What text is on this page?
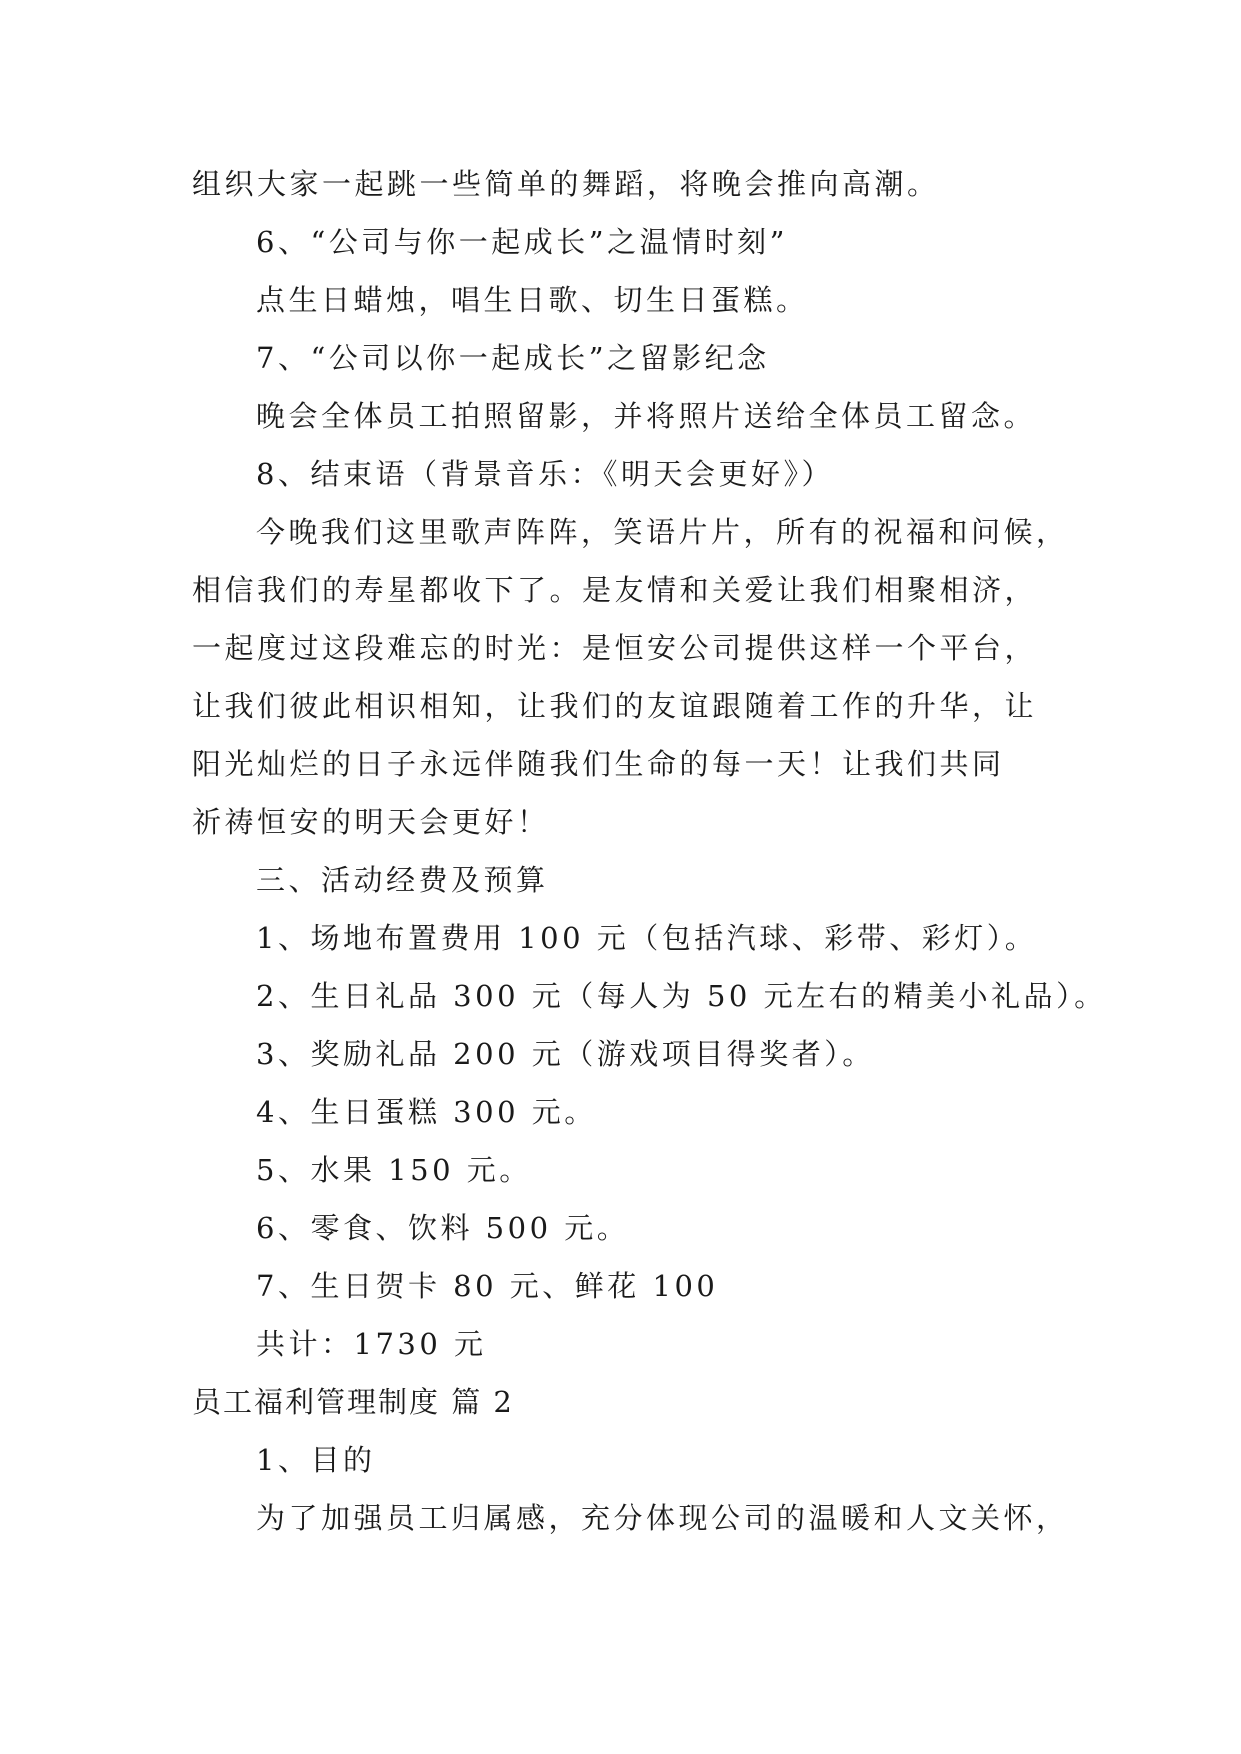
组织大家一起跳一些简单的舞蹈，将晚会推向高潮。
6、“公司与你一起成长”之温情时刻”
点生日蜡烛，唱生日歌、切生日蛋糕。
7、“公司以你一起成长”之留影纪念
晚会全体员工拍照留影，并将照片送给全体员工留念。
8、结束语（背景音乐：《明天会更好》）
今晚我们这里歌声阵阵，笑语片片，所有的祝福和问候，
相信我们的寿星都收下了。是友情和关爱让我们相聚相济，
一起度过这段难忘的时光：是恒安公司提供这样一个平台，
让我们彼此相识相知，让我们的友谊跟随着工作的升华，让
阳光灿烂的日子永远伴随我们生命的每一天！让我们共同
祈祷恒安的明天会更好！
三、活动经费及预算
1、场地布置费用 100 元（包括汽球、彩带、彩灯）。
2、生日礼品 300 元（每人为 50 元左右的精美小礼品）。
3、奖励礼品 200 元（游戏项目得奖者）。
4、生日蛋糕 300 元。
5、水果 150 元。
6、零食、饮料 500 元。
7、生日贺卡 80 元、鲜花 100
共计：1730 元
员工福利管理制度 篇 2
1、目的
为了加强员工归属感，充分体现公司的温暖和人文关怀，
